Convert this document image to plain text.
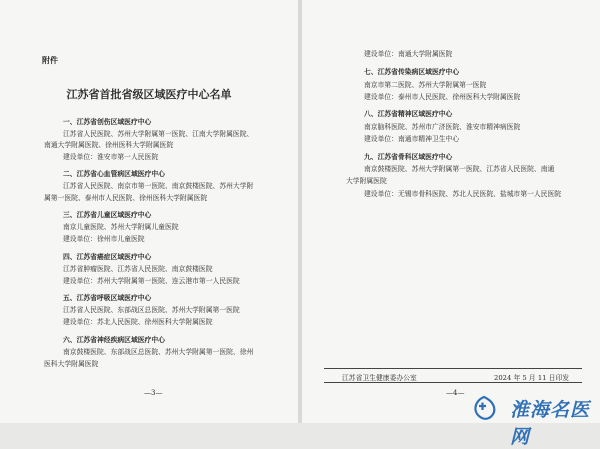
附件
江苏省首批省级区域医疗中心名单
一、江苏省创伤区域医疗中心
江苏省人民医院、苏州大学附属第一医院、江南大学附属医院、
南通大学附属医院、徐州医科大学附属医院
建设单位：淮安市第一人民医院
二、江苏省心血管病区域医疗中心
江苏省人民医院、南京市第一医院、南京鼓楼医院、苏州大学附
属第一医院、泰州市人民医院、徐州医科大学附属医院
三、江苏省儿童区域医疗中心
南京儿童医院、苏州大学附属儿童医院
建设单位：徐州市儿童医院
四、江苏省癌症区域医疗中心
江苏省肿瘤医院、江苏省人民医院、南京鼓楼医院
建设单位：苏州大学附属第一医院、连云港市第一人民医院
五、江苏省呼吸区域医疗中心
江苏省人民医院、东部战区总医院、苏州大学附属第一医院
建设单位：苏北人民医院、徐州医科大学附属医院
六、江苏省神经疾病区域医疗中心
南京鼓楼医院、东部战区总医院、苏州大学附属第一医院、徐州
医科大学附属医院
—3—
建设单位：南通大学附属医院
七、江苏省传染病区域医疗中心
南京市第二医院、苏州大学附属第一医院
建设单位：泰州市人民医院、徐州医科大学附属医院
八、江苏省精神区域医疗中心
南京脑科医院、苏州市广济医院、淮安市精神病医院
建设单位：南通市精神卫生中心
九、江苏省骨科区域医疗中心
南京鼓楼医院、苏州大学附属第一医院、江苏省人民医院、南通
大学附属医院
建设单位：无锡市骨科医院、苏北人民医院、盐城市第一人民医院
江苏省卫生健康委办公室	2024 年 5 月 11 日印发
—4—
淮海名医网
